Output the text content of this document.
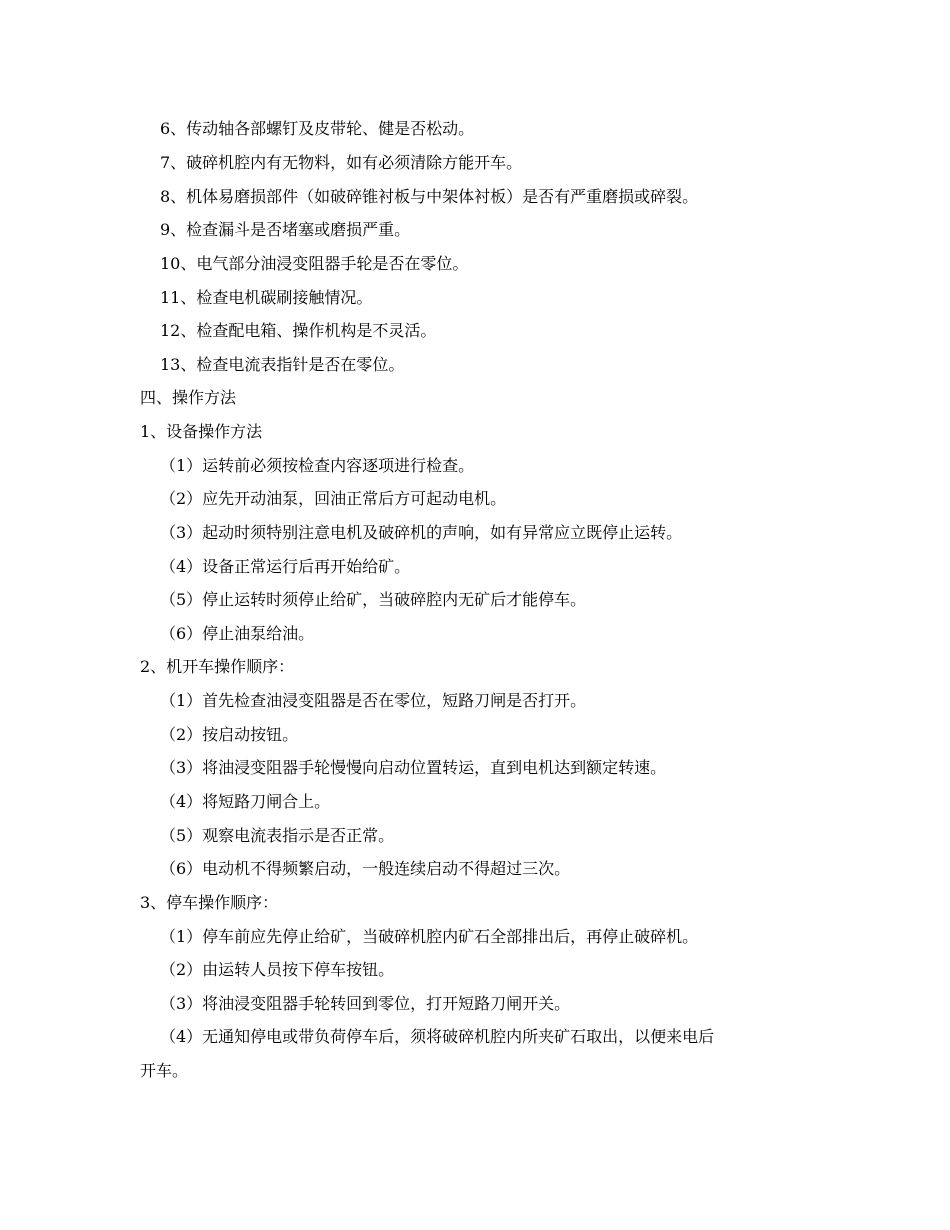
6、传动轴各部螺钉及皮带轮、健是否松动。
7、破碎机腔内有无物料，如有必须清除方能开车。
8、机体易磨损部件（如破碎锥衬板与中架体衬板）是否有严重磨损或碎裂。
9、检查漏斗是否堵塞或磨损严重。
10、电气部分油浸变阻器手轮是否在零位。
11、检查电机碳刷接触情况。
12、检查配电箱、操作机构是不灵活。
13、检查电流表指针是否在零位。
四、操作方法
1、设备操作方法
（1）运转前必须按检查内容逐项进行检查。
（2）应先开动油泵，回油正常后方可起动电机。
（3）起动时须特别注意电机及破碎机的声响，如有异常应立既停止运转。
（4）设备正常运行后再开始给矿。
（5）停止运转时须停止给矿，当破碎腔内无矿后才能停车。
（6）停止油泵给油。
2、机开车操作顺序：
（1）首先检查油浸变阻器是否在零位，短路刀闸是否打开。
（2）按启动按钮。
（3）将油浸变阻器手轮慢慢向启动位置转运，直到电机达到额定转速。
（4）将短路刀闸合上。
（5）观察电流表指示是否正常。
（6）电动机不得频繁启动，一般连续启动不得超过三次。
3、停车操作顺序：
（1）停车前应先停止给矿，当破碎机腔内矿石全部排出后，再停止破碎机。
（2）由运转人员按下停车按钮。
（3）将油浸变阻器手轮转回到零位，打开短路刀闸开关。
（4）无通知停电或带负荷停车后，须将破碎机腔内所夹矿石取出，以便来电后
开车。
